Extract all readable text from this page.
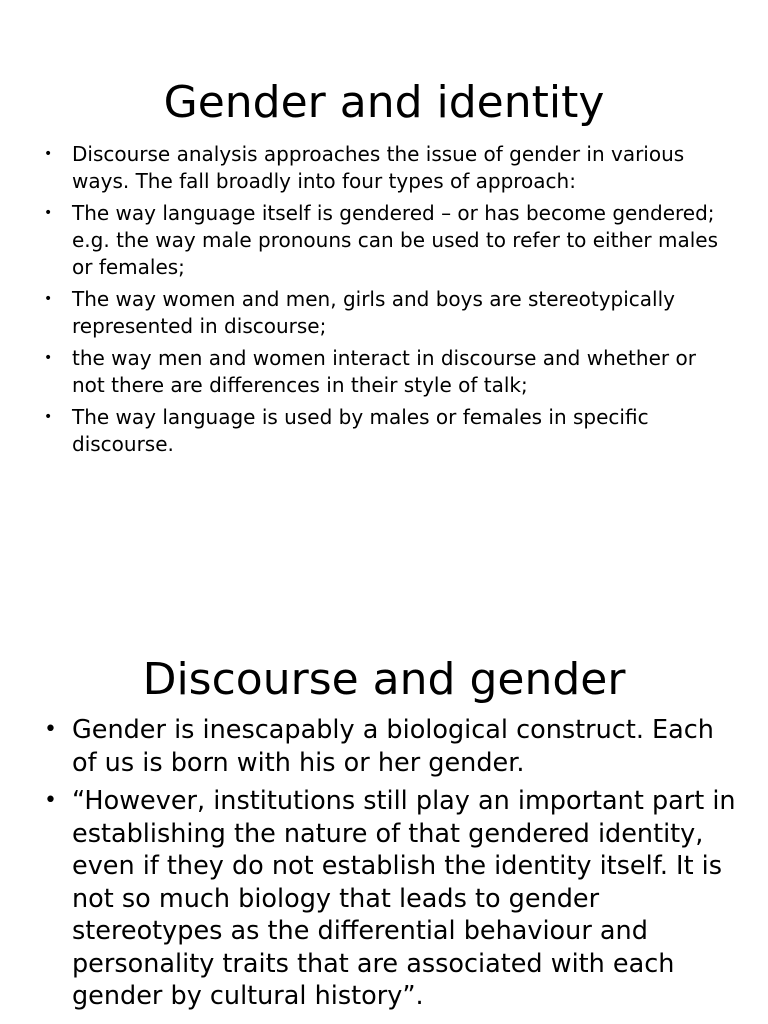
Gender and identity
• Discourse analysis approaches the issue of gender in various ways. The fall broadly into four types of approach:
• The way language itself is gendered – or has become gendered; e.g. the way male pronouns can be used to refer to either males or females;
• The way women and men, girls and boys are stereotypically represented in discourse;
• the way men and women interact in discourse and whether or not there are differences in their style of talk;
• The way language is used by males or females in specific discourse.
Discourse and gender
• Gender is inescapably a biological construct. Each of us is born with his or her gender.
• “However, institutions still play an important part in establishing the nature of that gendered identity, even if they do not establish the identity itself. It is not so much biology that leads to gender stereotypes as the differential behaviour and personality traits that are associated with each gender by cultural history”.
